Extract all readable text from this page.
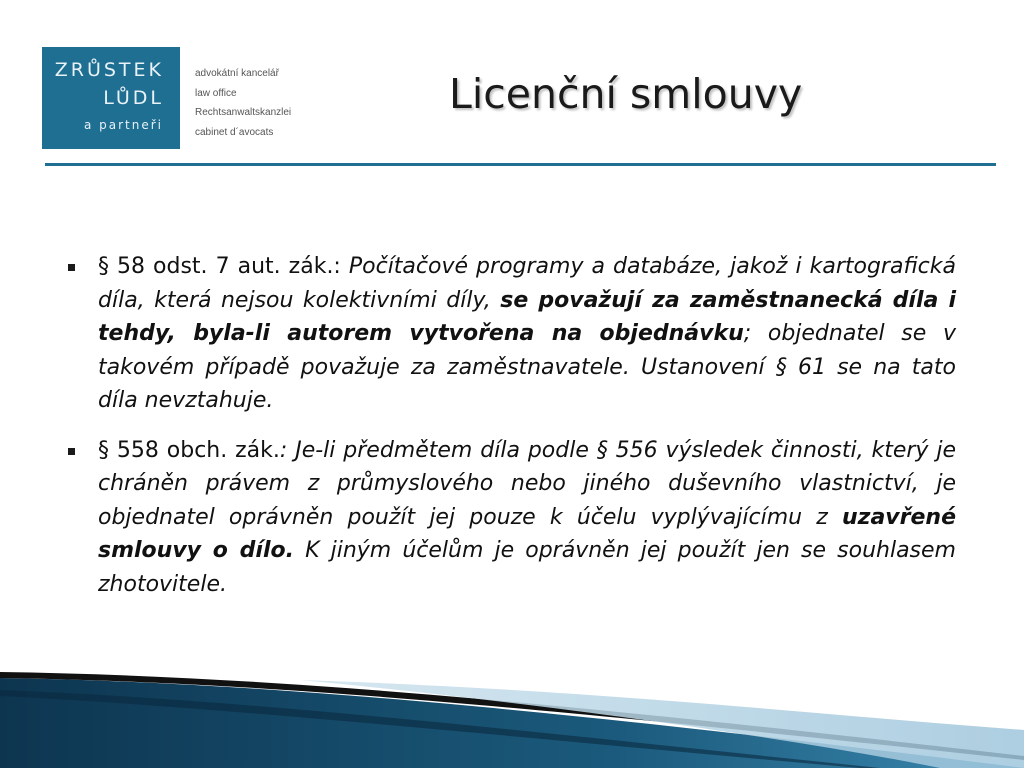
ZRŮSTEK
LŮDL
a partneři
advokátní kancelář
law office
Rechtsanwaltskanzlei
cabinet d´avocats
Licenční smlouvy
§ 58 odst. 7 aut. zák.: Počítačové programy a databáze, jakož i kartografická díla, která nejsou kolektivními díly, se považují za zaměstnanecká díla i tehdy, byla-li autorem vytvořena na objednávku; objednatel se v takovém případě považuje za zaměstnavatele. Ustanovení § 61 se na tato díla nevztahuje.
§ 558 obch. zák.: Je-li předmětem díla podle § 556 výsledek činnosti, který je chráněn právem z průmyslového nebo jiného duševního vlastnictví, je objednatel oprávněn použít jej pouze k účelu vyplývajícímu z uzavřené smlouvy o dílo. K jiným účelům je oprávněn jej použít jen se souhlasem zhotovitele.
